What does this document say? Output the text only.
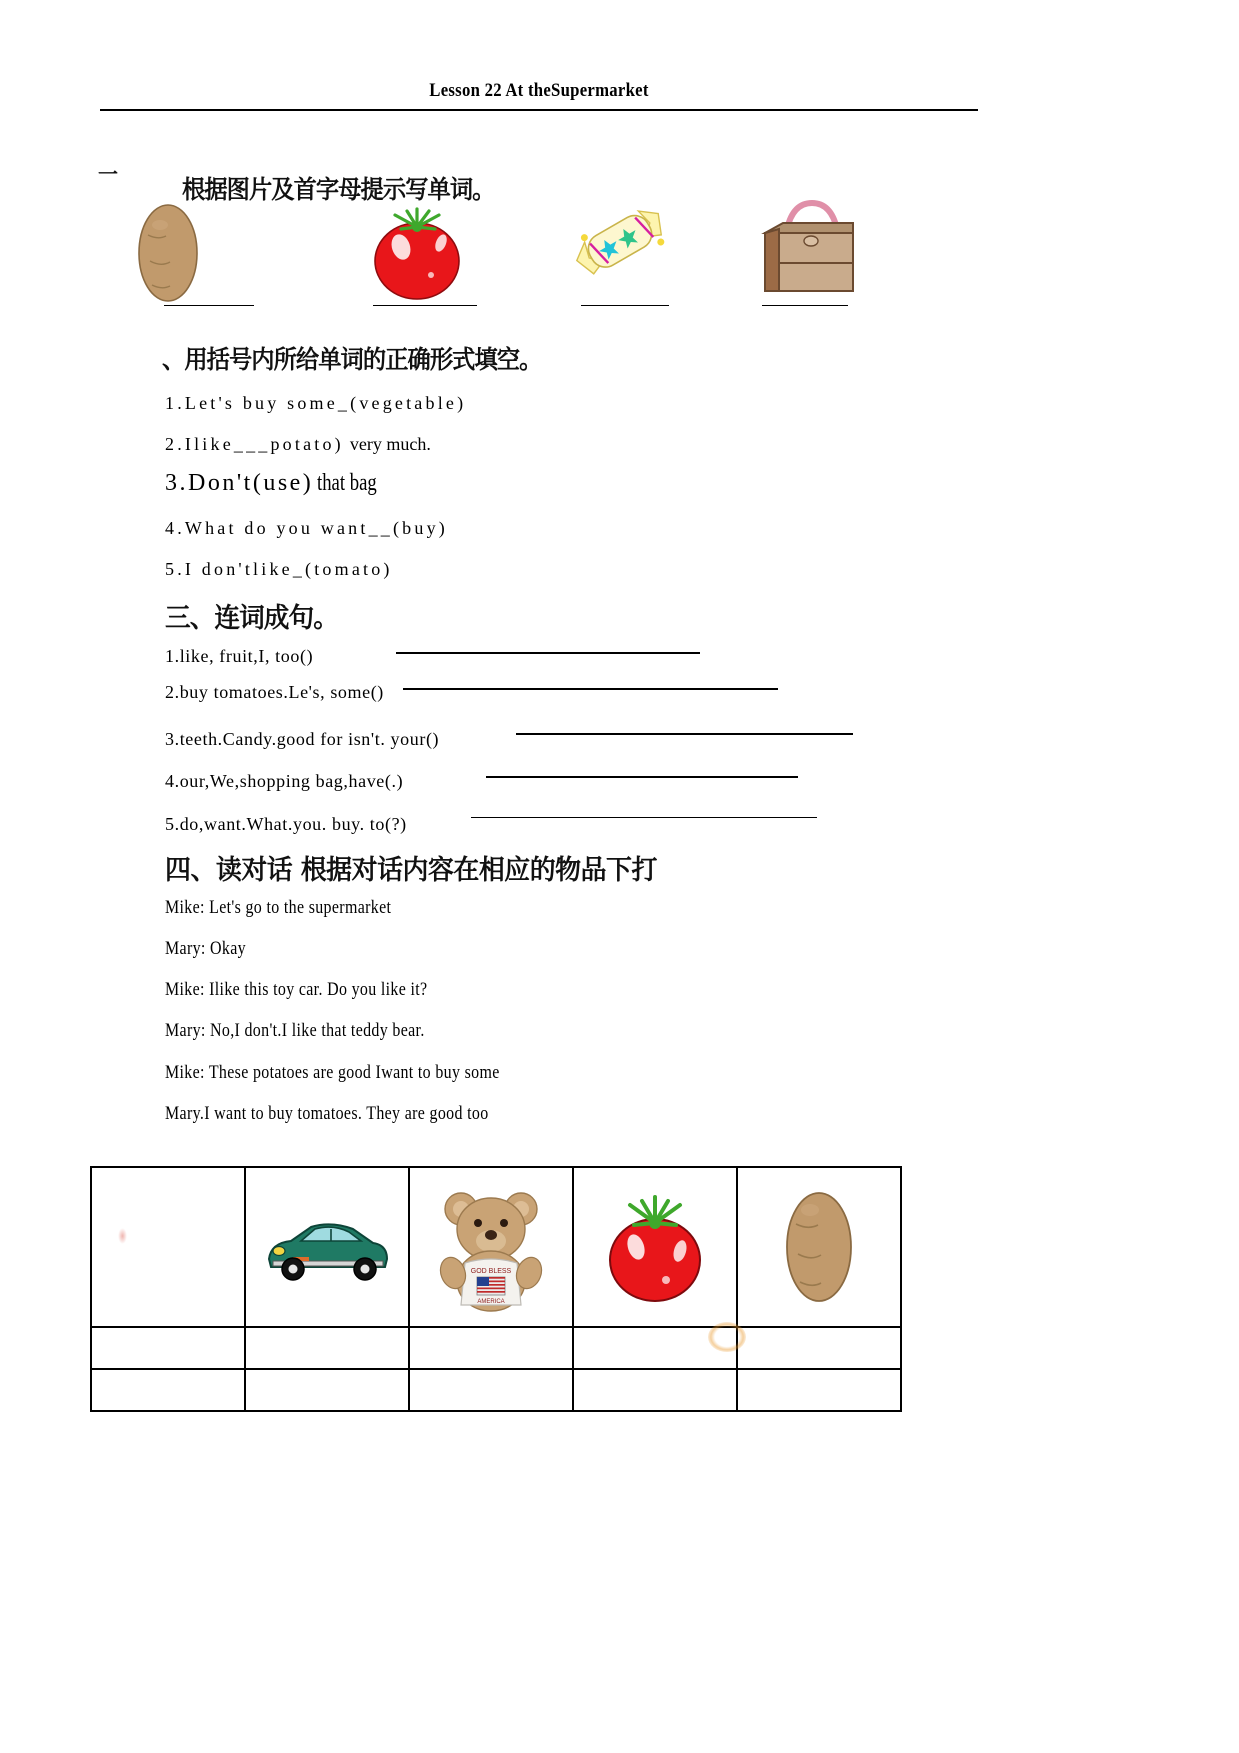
Lesson 22 At theSupermarket
一
根据图片及首字母提示写单词。
、用括号内所给单词的正确形式填空。
1.Let's buy some_(vegetable)
2.Ilike___potato) very much.
3.Don't(use) that bag
4.What do you want__(buy)
5.I don'tlike_(tomato)
三、连词成句。
1.like, fruit,I, too()
2.buy tomatoes.Le's, some()
3.teeth.Candy.good for isn't. your()
4.our,We,shopping bag,have(.)
5.do,want.What.you. buy. to(?)
四、读对话 根据对话内容在相应的物品下打
Mike: Let's go to the supermarket
Mary: Okay
Mike: Ilike this toy car. Do you like it?
Mary: No,I don't.I like that teddy bear.
Mike: These potatoes are good Iwant to buy some
Mary.I want to buy tomatoes. They are good too

GOD BLESS
AMERICA
